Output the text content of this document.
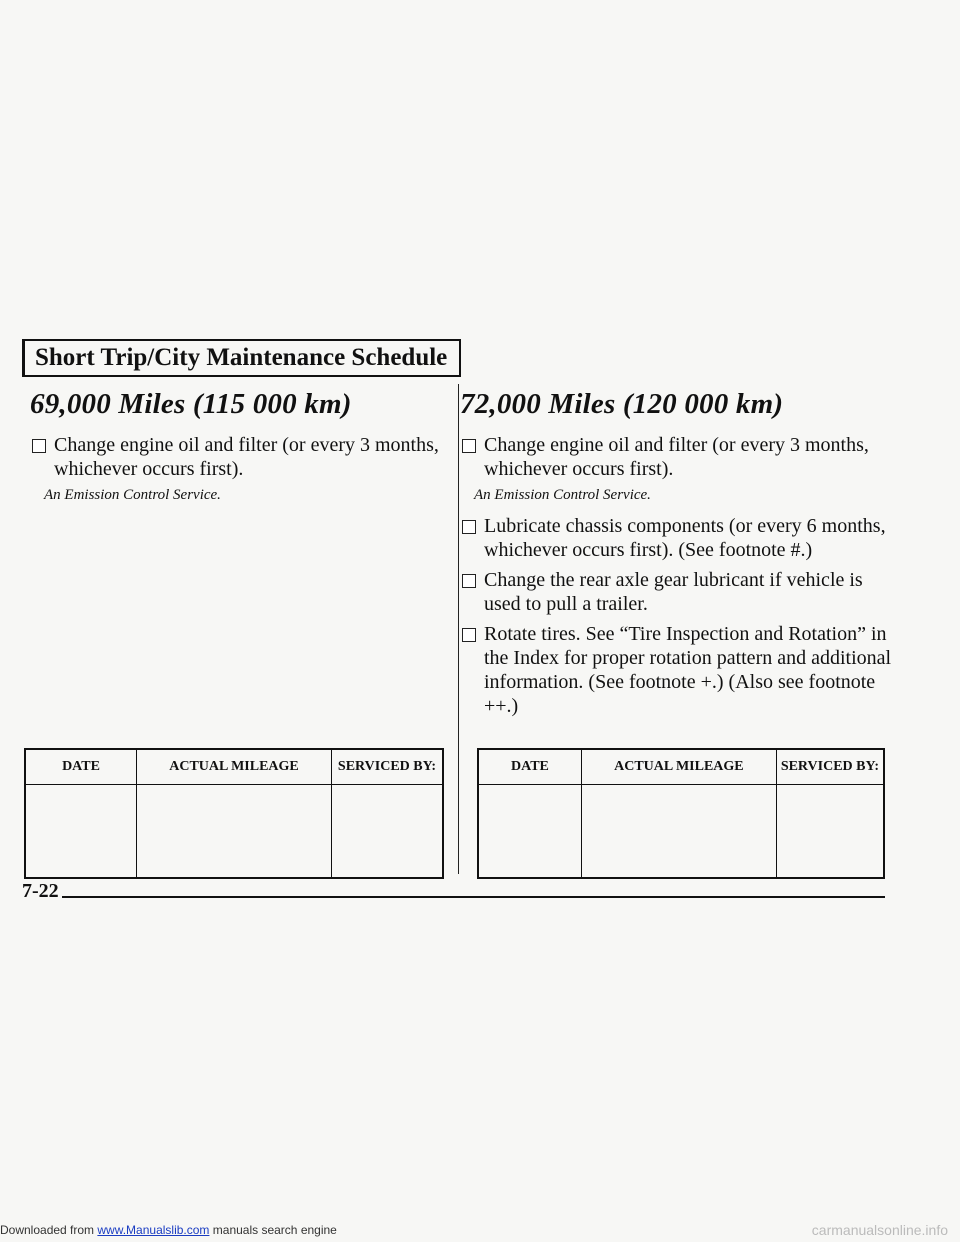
Short Trip/City Maintenance Schedule
69,000 Miles (115 000 km)
Change engine oil and filter (or every 3 months, whichever occurs first).
An Emission Control Service.
72,000 Miles (120 000 km)
Change engine oil and filter (or every 3 months, whichever occurs first).
An Emission Control Service.
Lubricate chassis components (or every 6 months, whichever occurs first). (See footnote #.)
Change the rear axle gear lubricant if vehicle is used to pull a trailer.
Rotate tires. See “Tire Inspection and Rotation” in the Index for proper rotation pattern and additional information. (See footnote +.) (Also see footnote ++.)
DATE	ACTUAL MILEAGE	SERVICED BY:
			DATE	ACTUAL MILEAGE	SERVICED BY:

7-22
Downloaded from www.Manualslib.com manuals search engine	carmanualsonline.info
